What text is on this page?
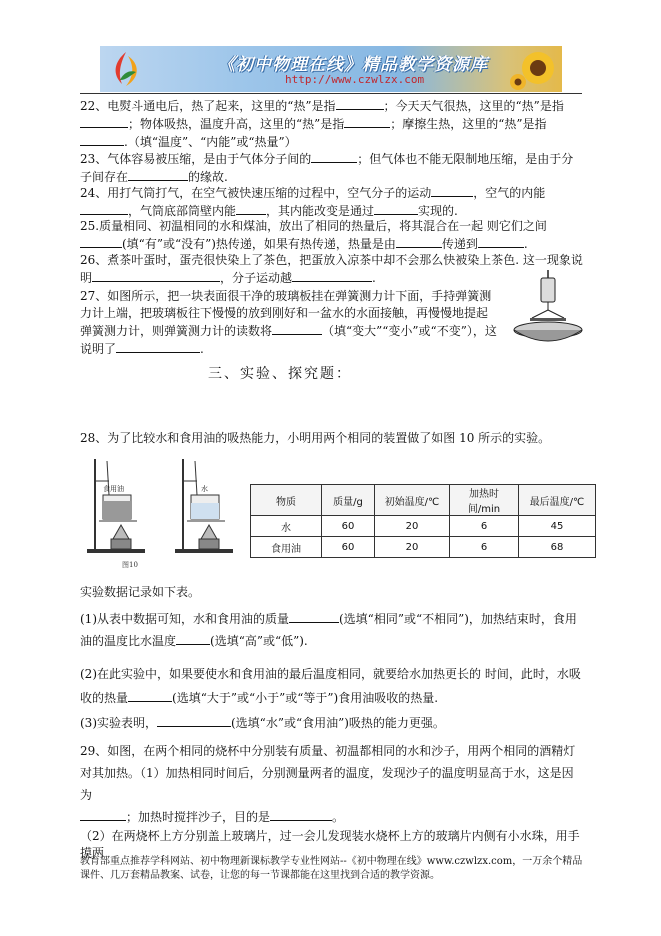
《初中物理在线》精品教学资源库
http://www.czwlzx.com
22、电熨斗通电后，热了起来，这里的“热”是指	；今天天气很热，这里的“热”是指；物体吸热，温度升高，这里的“热”是指	；摩擦生热，这里的“热”是指.（填“温度”、“内能”或“热量”）
23、气体容易被压缩，是由于气体分子间的	；但气体也不能无限制地压缩，是由于分子间存在	的缘故.
24、用打气筒打气，在空气被快速压缩的过程中，空气分子的运动	，空气的内能，气筒底部筒壁内能	，其内能改变是通过	实现的.
25.质量相同、初温相同的水和煤油，放出了相同的热量后，将其混合在一起 则它们之间(填“有”或“没有”)热传递，如果有热传递，热量是由	传递到	.
26、煮茶叶蛋时，蛋壳很快染上了茶色，把蛋放入凉茶中却不会那么快被染上茶色. 这一现象说明	，分子运动越	.
27、如图所示，把一块表面很干净的玻璃板挂在弹簧测力计下面，手持弹簧测力计上端，把玻璃板往下慢慢的放到刚好和一盆水的水面接触，再慢慢地提起弹簧测力计，则弹簧测力计的读数将	（填“变大”“变小”或“不变”），这说明了	.
三、实验、探究题：
28、为了比较水和食用油的吸热能力，小明用两个相同的装置做了如图 10 所示的实验。
食用油	水
图10
物质	质量/g	初始温度/℃	加热时间/min	最后温度/℃
水	60	20	6	45
食用油	60	20	6	68
实验数据记录如下表。
(1)从表中数据可知，水和食用油的质量	(选填“相同”或“不相同”)，加热结束时，食用油的温度比水温度	(选填“高”或“低”).
(2)在此实验中，如果要使水和食用油的最后温度相同，就要给水加热更长的 时间，此时，水吸收的热量	(选填“大于”或“小于”或“等于”)食用油吸收的热量.
(3)实验表明，	(选填“水”或“食用油”)吸热的能力更强。
29、如图，在两个相同的烧杯中分别装有质量、初温都相同的水和沙子，用两个相同的酒精灯对其加热。（1）加热相同时间后，分别测量两者的温度，发现沙子的温度明显高于水，这是因为
；加热时搅拌沙子，目的是	。
（2）在两烧杯上方分别盖上玻璃片，过一会儿发现装水烧杯上方的玻璃片内侧有小水珠，用手摸两
教育部重点推荐学科网站、初中物理新课标教学专业性网站--《初中物理在线》www.czwlzx.com，一万余个精品课件、几万套精品教案、试卷，让您的每一节课都能在这里找到合适的教学资源。
